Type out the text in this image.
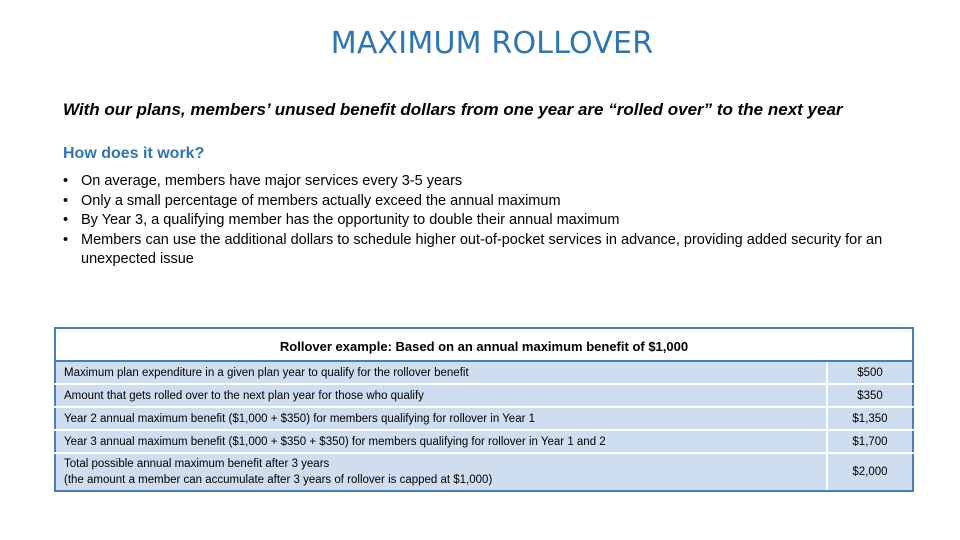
MAXIMUM ROLLOVER
With our plans, members’ unused benefit dollars from one year are “rolled over” to the next year
How does it work?
• On average, members have major services every 3-5 years
• Only a small percentage of members actually exceed the annual maximum
• By Year 3, a qualifying member has the opportunity to double their annual maximum
• Members can use the additional dollars to schedule higher out-of-pocket services in advance, providing added security for an unexpected issue
Rollover example: Based on an annual maximum benefit of $1,000	
Maximum plan expenditure in a given plan year to qualify for the rollover benefit	$500
Amount that gets rolled over to the next plan year for those who qualify	$350
Year 2 annual maximum benefit ($1,000 + $350) for members qualifying for rollover in Year 1	$1,350
Year 3 annual maximum benefit ($1,000 + $350 + $350) for members qualifying for rollover in Year 1 and 2	$1,700

Total possible annual maximum benefit after 3 years
(the amount a member can accumulate after 3 years of rollover is capped at $1,000)	$2,000
